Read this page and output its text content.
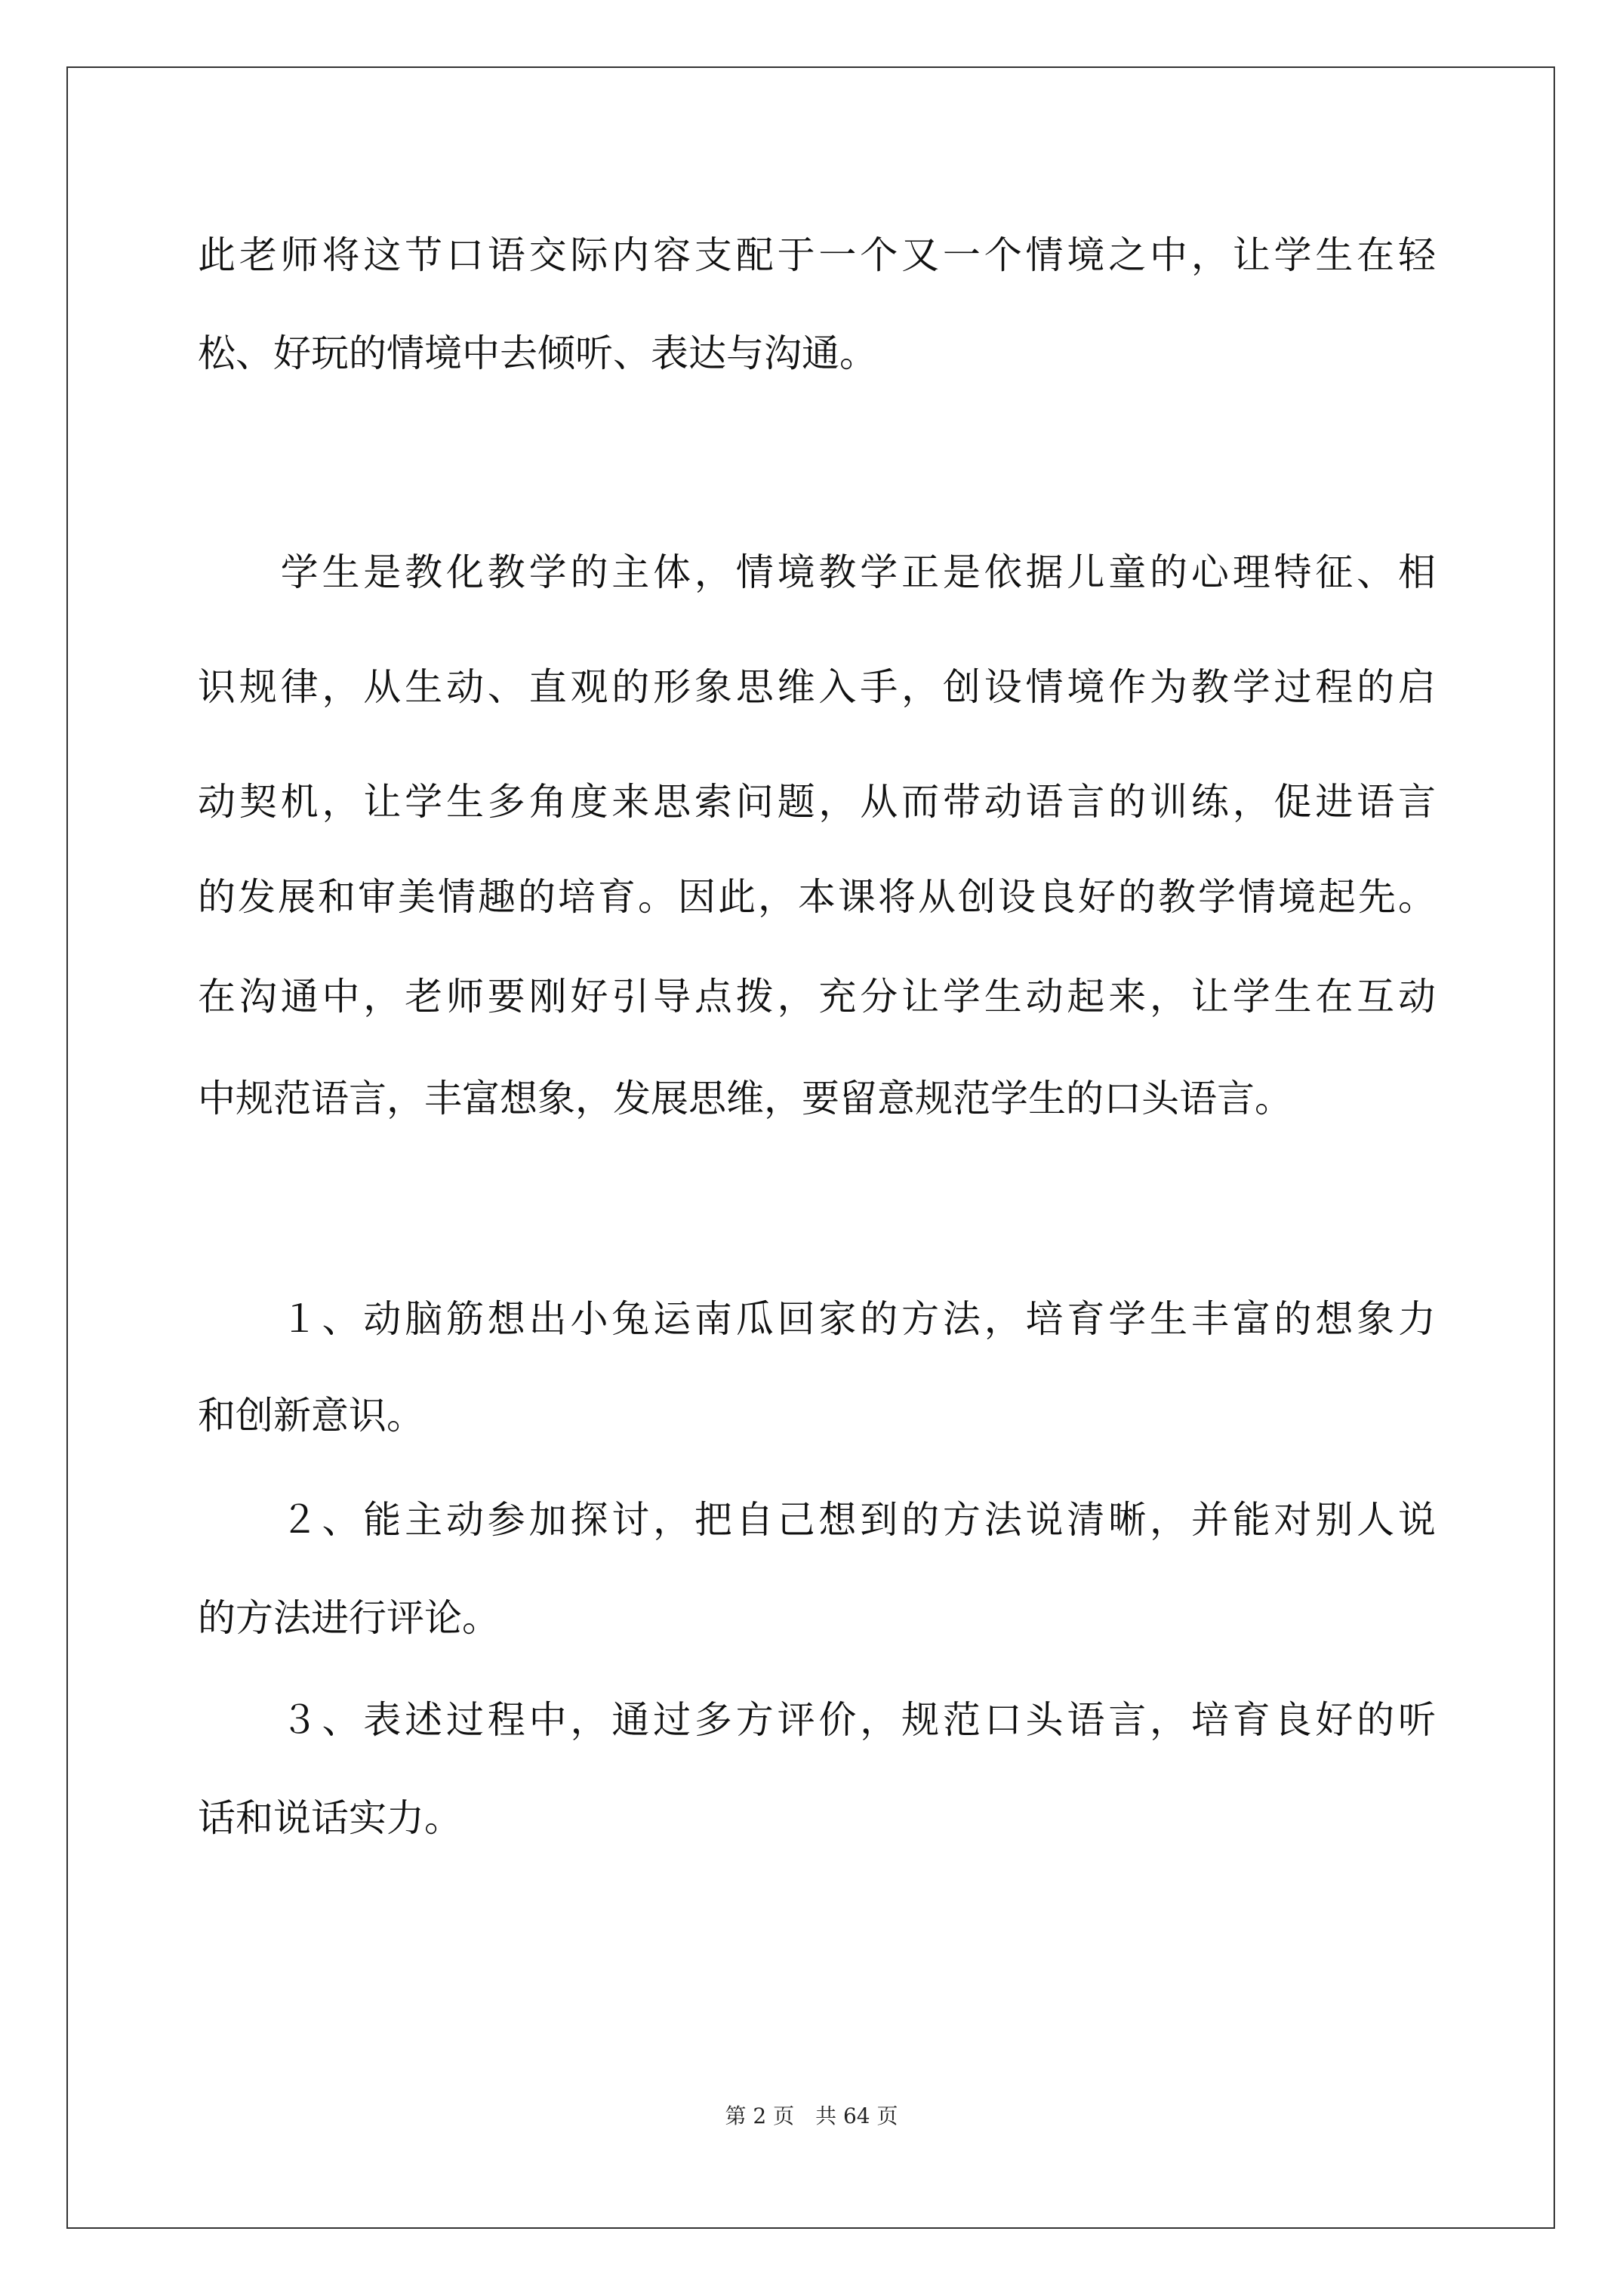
此老师将这节口语交际内容支配于一个又一个情境之中，让学生在轻
松、好玩的情境中去倾听、表达与沟通。
　　学生是教化教学的主体，情境教学正是依据儿童的心理特征、相
识规律，从生动、直观的形象思维入手，创设情境作为教学过程的启
动契机，让学生多角度来思索问题，从而带动语言的训练，促进语言
的发展和审美情趣的培育。因此，本课将从创设良好的教学情境起先。
在沟通中，老师要刚好引导点拨，充分让学生动起来，让学生在互动
中规范语言，丰富想象，发展思维，要留意规范学生的口头语言。
　　１、动脑筋想出小兔运南瓜回家的方法，培育学生丰富的想象力
和创新意识。
　　２、能主动参加探讨，把自己想到的方法说清晰，并能对别人说
的方法进行评论。
　　３、表述过程中，通过多方评价，规范口头语言，培育良好的听
话和说话实力。
第 2 页　共 64 页
